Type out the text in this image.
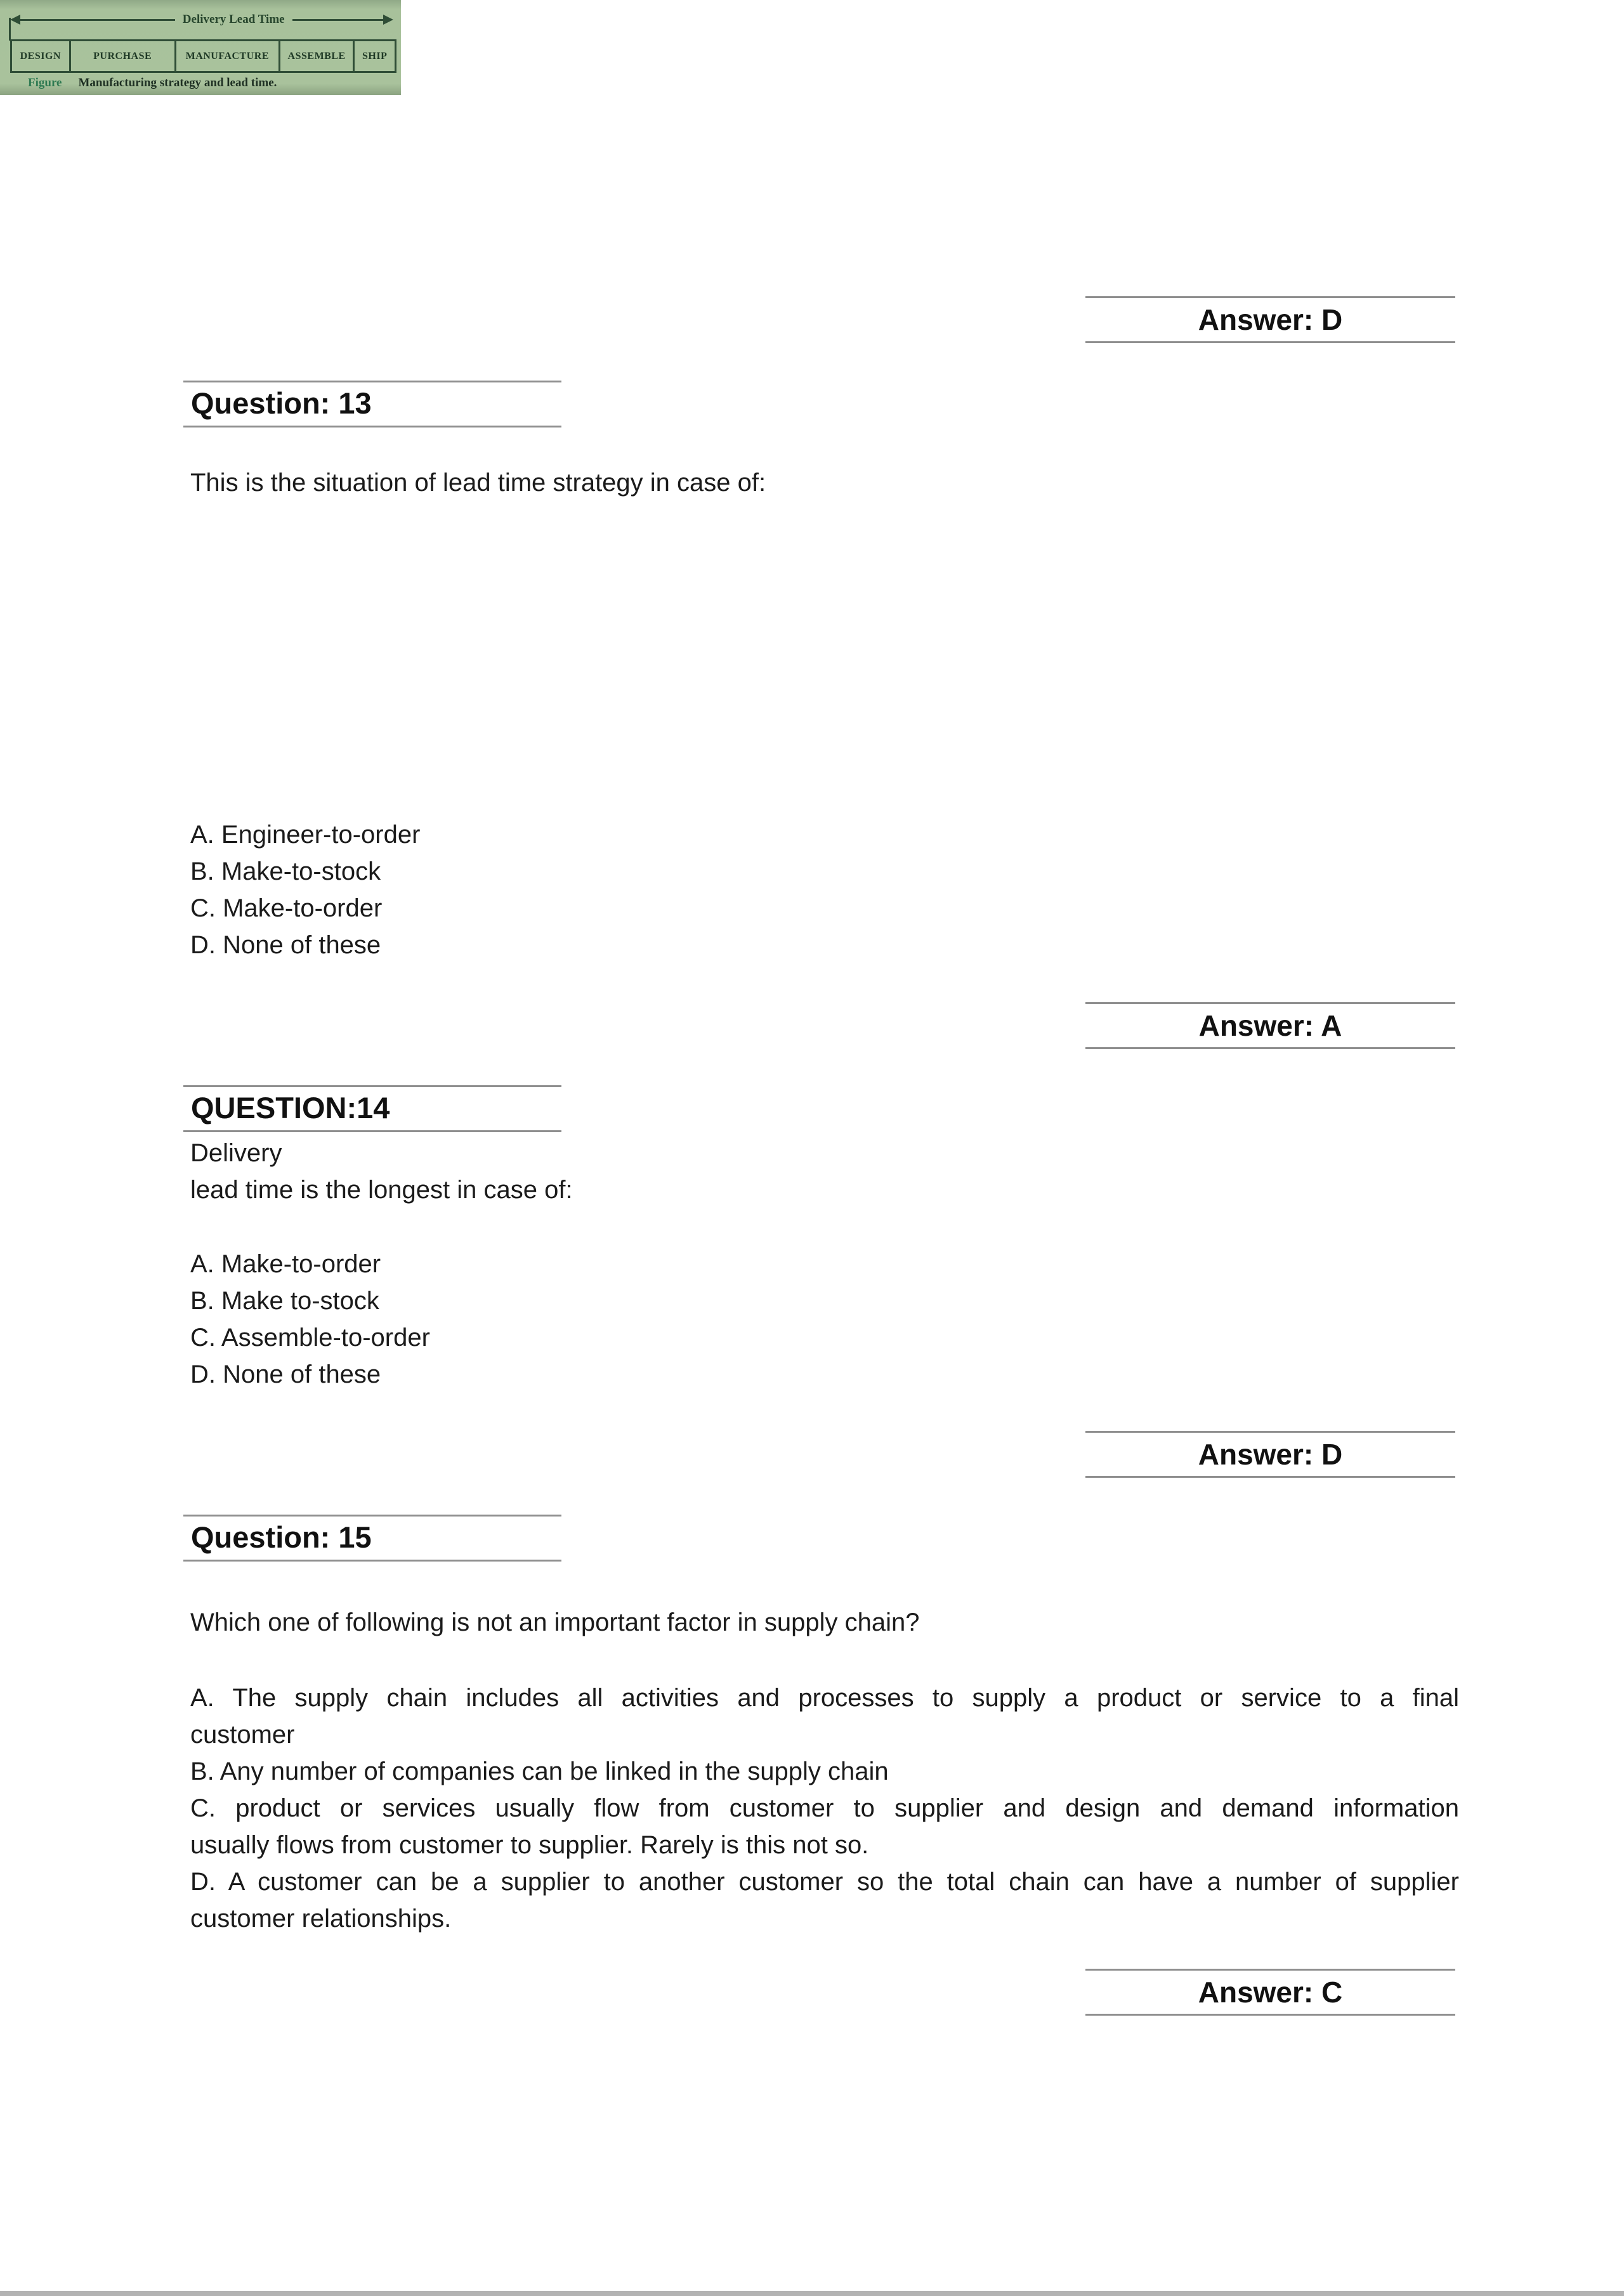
Delivery Lead Time
DESIGN	PURCHASE	MANUFACTURE	ASSEMBLE	SHIP
Figure Manufacturing strategy and lead time.
Answer: D
Question: 13
This is the situation of lead time strategy in case of:
A. Engineer-to-order
B. Make-to-stock
C. Make-to-order
D. None of these
Answer: A
QUESTION:14
Delivery
lead time is the longest in case of:
A. Make-to-order
B. Make to-stock
C. Assemble-to-order
D. None of these
Answer: D
Question: 15
Which one of following is not an important factor in supply chain?
A. The supply chain includes all activities and processes to supply a product or service to a final
customer
B. Any number of companies can be linked in the supply chain
C. product or services usually flow from customer to supplier and design and demand information
usually flows from customer to supplier. Rarely is this not so.
D. A customer can be a supplier to another customer so the total chain can have a number of supplier
customer relationships.
Answer: C
